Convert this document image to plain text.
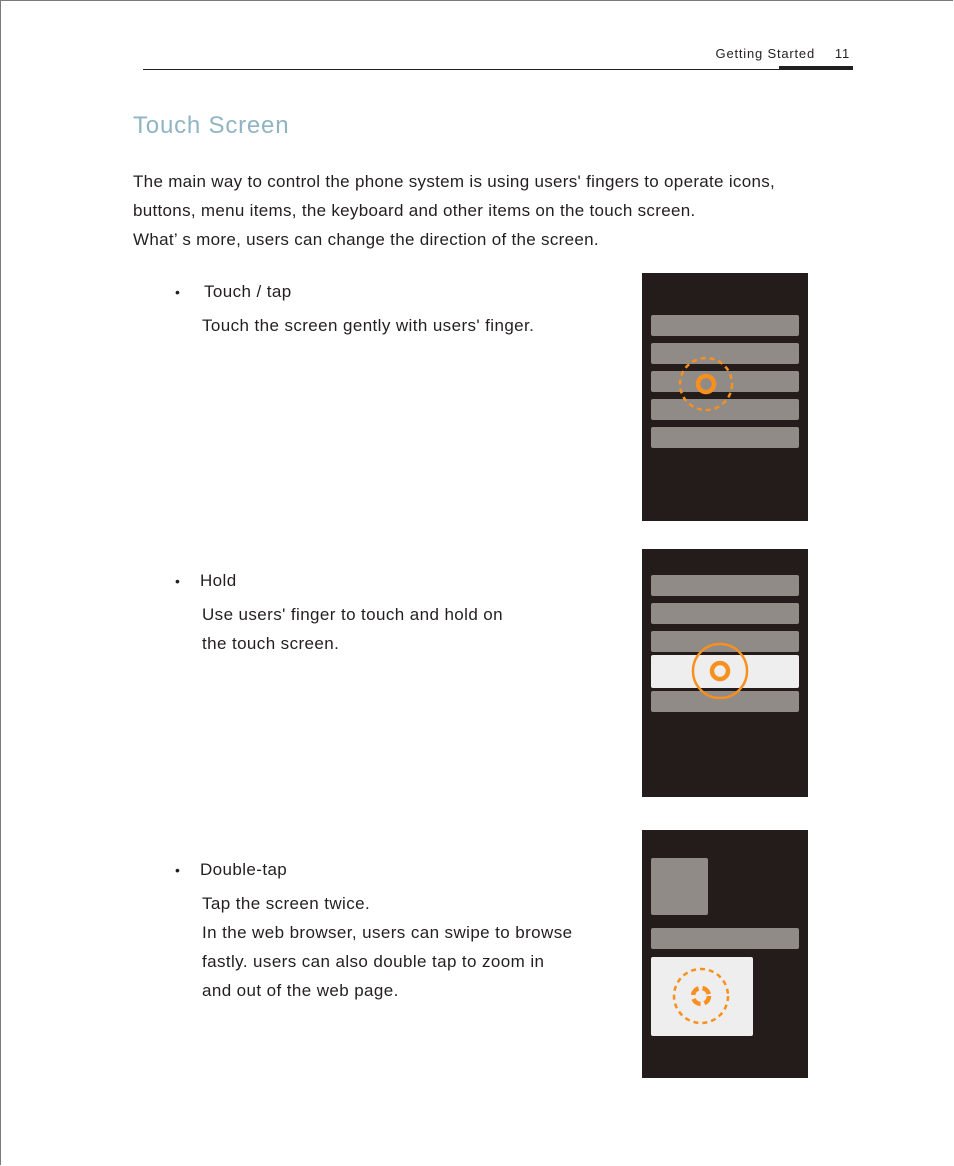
Getting Started 11
Touch Screen
The main way to control the phone system is using users' fingers to operate icons,
buttons, menu items, the keyboard and other items on the touch screen.
What’ s more, users can change the direction of the screen.
•	Touch / tap
Touch the screen gently with users' finger.
•	Hold
Use users' finger to touch and hold on
the touch screen.
•	Double-tap
Tap the screen twice.
In the web browser, users can swipe to browse
fastly. users can also double tap to zoom in
and out of the web page.
